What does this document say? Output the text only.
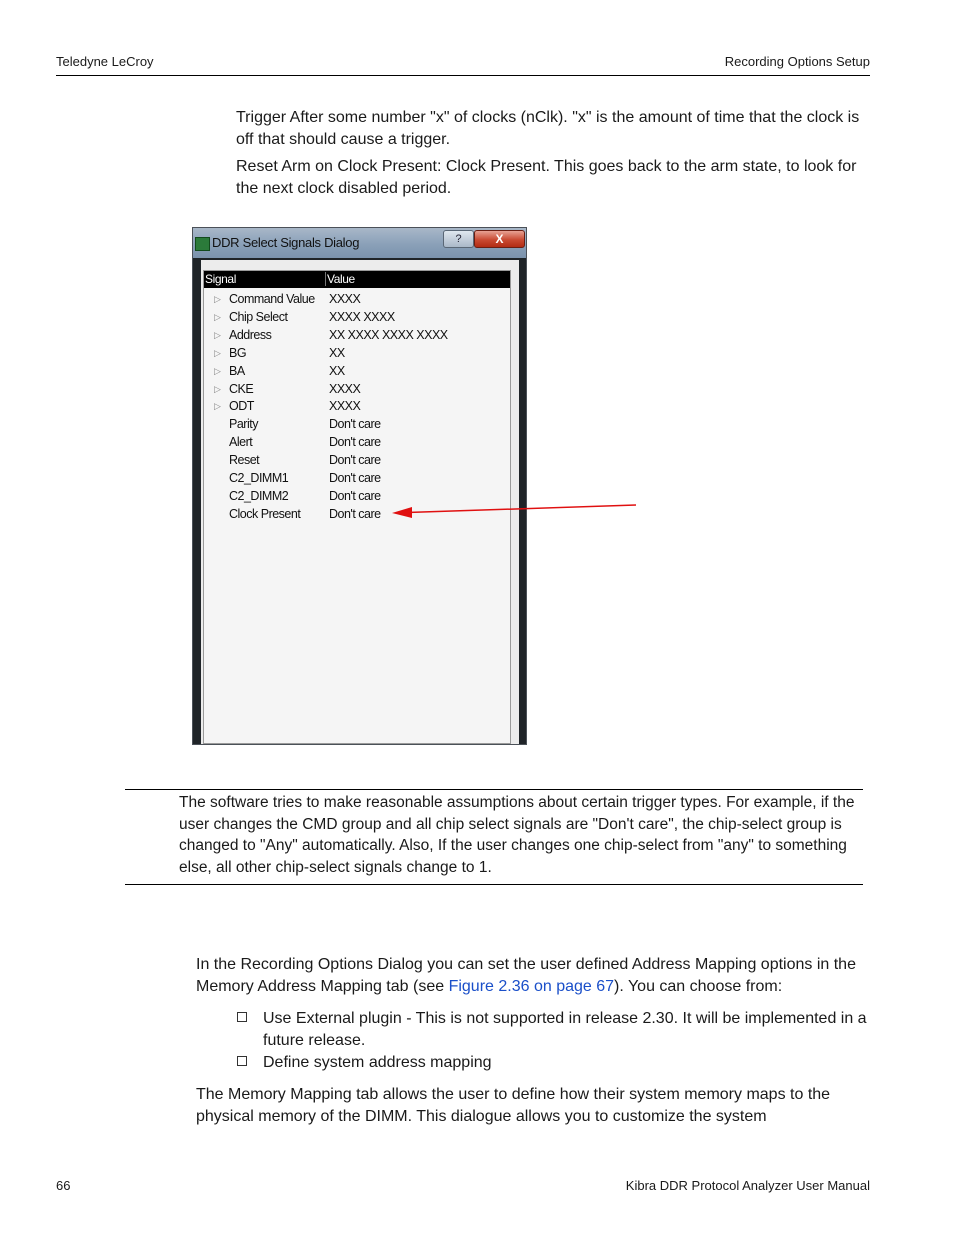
Teledyne LeCroy	Recording Options Setup
Trigger After some number "x" of clocks (nClk). "x" is the amount of time that the clock is off that should cause a trigger.
Reset Arm on Clock Present: Clock Present. This goes back to the arm state, to look for the next clock disabled period.
DDR Select Signals Dialog	?	X
Signal	Value
▷ Command Value XXXX
▷ Chip Select	XXXX XXXX
▷ Address	XX XXXX XXXX XXXX
▷ BG	XX
▷ BA	XX
▷ CKE	XXXX
▷ ODT	XXXX
Parity	Don't care
Alert	Don't care
Reset	Don't care
C2_DIMM1	Don't care
C2_DIMM2	Don't care
Clock Present Don't care
The software tries to make reasonable assumptions about certain trigger types. For example, if the user changes the CMD group and all chip select signals are "Don't care", the chip-select group is changed to "Any" automatically. Also, If the user changes one chip-select from "any" to something else, all other chip-select signals change to 1.
In the Recording Options Dialog you can set the user defined Address Mapping options in the Memory Address Mapping tab (see Figure 2.36 on page 67). You can choose from:
Use External plugin - This is not supported in release 2.30. It will be implemented in a future release.
Define system address mapping
The Memory Mapping tab allows the user to define how their system memory maps to the physical memory of the DIMM. This dialogue allows you to customize the system
66	Kibra DDR Protocol Analyzer User Manual
